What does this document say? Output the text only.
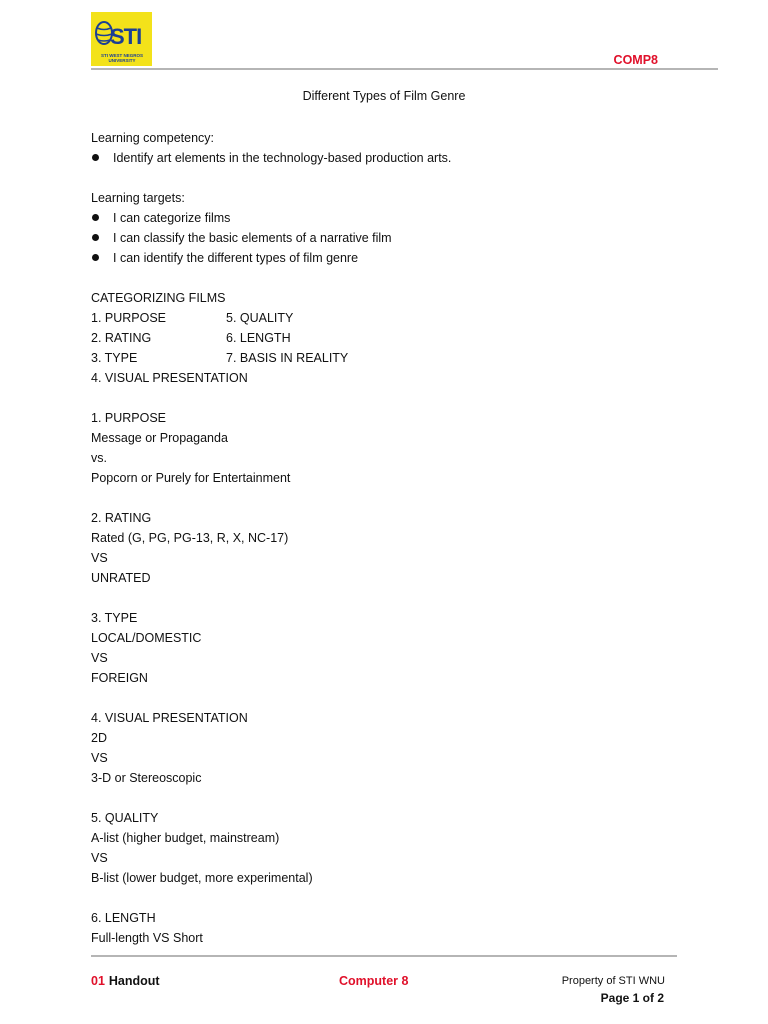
STI
STI WEST NEGROS UNIVERSITY	COMP8
Different Types of Film Genre
Learning competency:
Identify art elements in the technology-based production arts.
Learning targets:
I can categorize films
I can classify the basic elements of a narrative film
I can identify the different types of film genre
CATEGORIZING FILMS
1. PURPOSE	5. QUALITY
2. RATING	6. LENGTH
3. TYPE	7. BASIS IN REALITY
4. VISUAL PRESENTATION
1. PURPOSE
Message or Propaganda
vs.
Popcorn or Purely for Entertainment
2. RATING
Rated (G, PG, PG-13, R, X, NC-17)
VS
UNRATED
3. TYPE
LOCAL/DOMESTIC
VS
FOREIGN
4. VISUAL PRESENTATION
2D
VS
3-D or Stereoscopic
5. QUALITY
A-list (higher budget, mainstream)
VS
B-list (lower budget, more experimental)
6. LENGTH
Full-length VS Short
01 Handout	Computer 8	Property of STI WNU
Page 1 of 2
